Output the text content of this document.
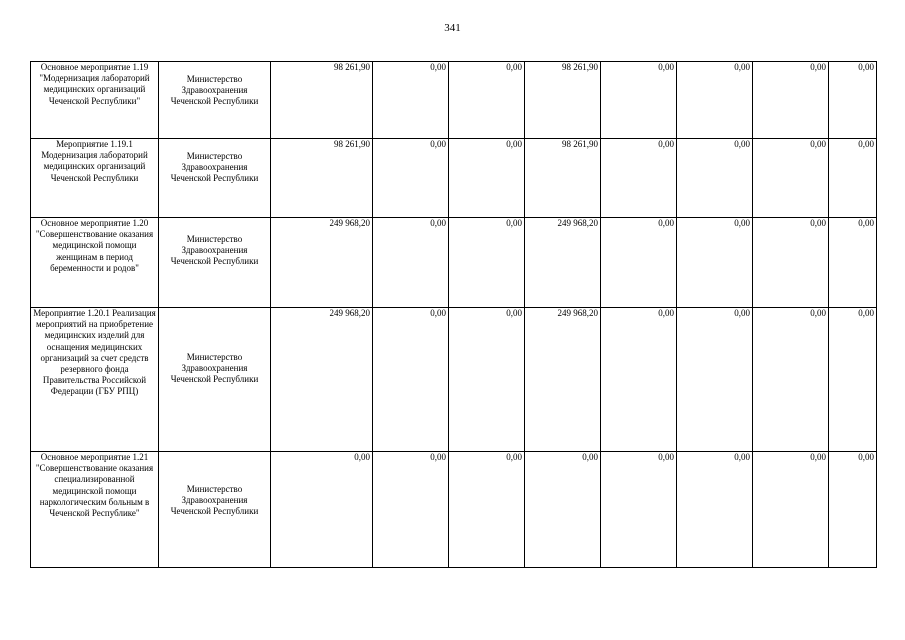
341
Основное мероприятие 1.19 "Модернизация лабораторий медицинских организаций Чеченской Республики"	Министерство Здравоохранения Чеченской Республики	98 261,90	0,00	0,00	98 261,90	0,00	0,00	0,00	0,00
Мероприятие 1.19.1 Модернизация лабораторий медицинских организаций Чеченской Республики	Министерство Здравоохранения Чеченской Республики	98 261,90	0,00	0,00	98 261,90	0,00	0,00	0,00	0,00
Основное мероприятие 1.20 "Совершенствование оказания медицинской помощи женщинам в период беременности и родов"	Министерство Здравоохранения Чеченской Республики	249 968,20	0,00	0,00	249 968,20	0,00	0,00	0,00	0,00
Мероприятие 1.20.1 Реализация мероприятий на приобретение медицинских изделий для оснащения медицинских организаций за счет средств резервного фонда Правительства Российской Федерации (ГБУ РПЦ)	Министерство Здравоохранения Чеченской Республики	249 968,20	0,00	0,00	249 968,20	0,00	0,00	0,00	0,00
Основное мероприятие 1.21 "Совершенствование оказания специализированной медицинской помощи наркологическим больным в Чеченской Республике"	Министерство Здравоохранения Чеченской Республики	0,00	0,00	0,00	0,00	0,00	0,00	0,00	0,00
